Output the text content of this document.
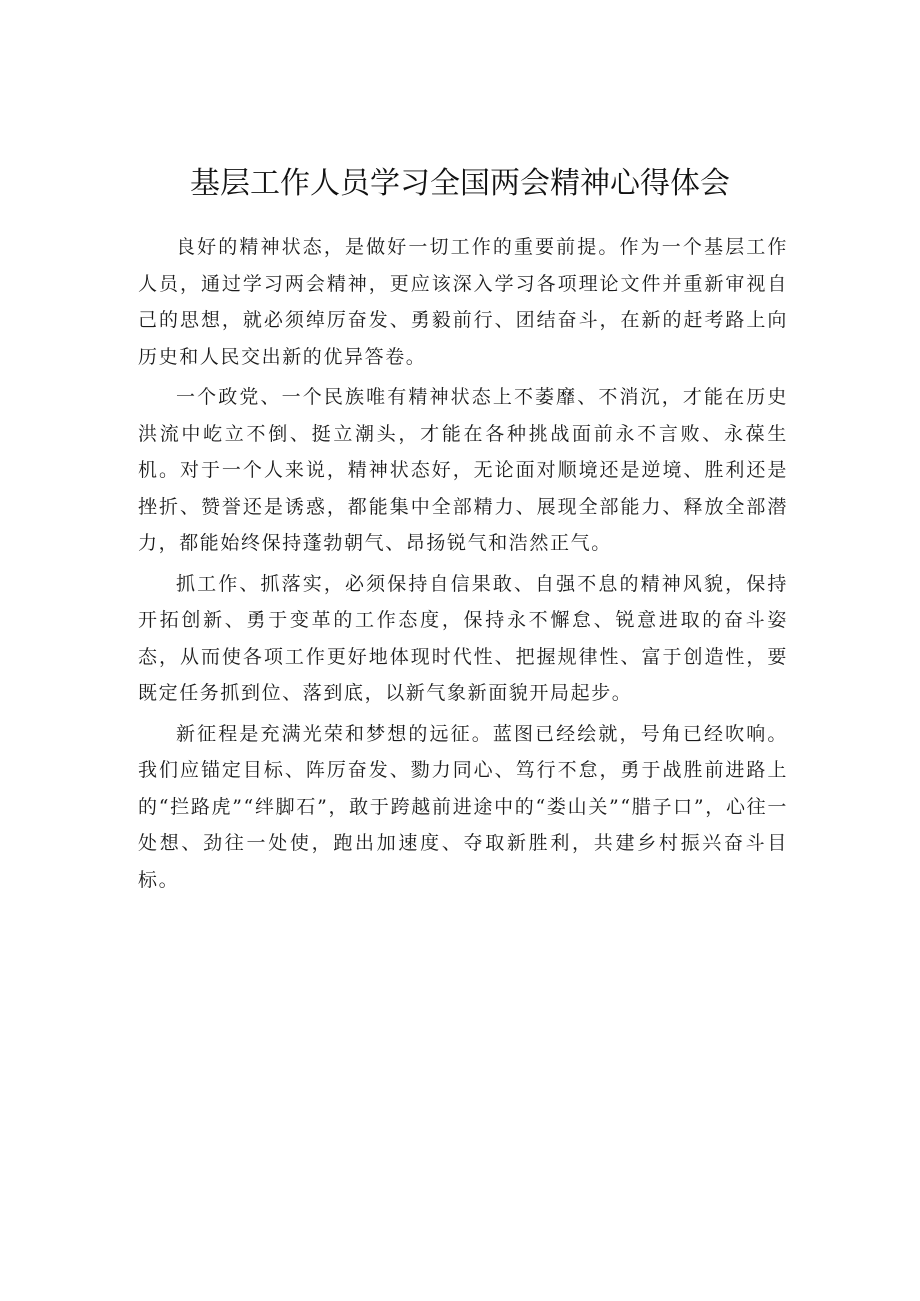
基层工作人员学习全国两会精神心得体会

良好的精神状态，是做好一切工作的重要前提。作为一个基层工作人员，通过学习两会精神，更应该深入学习各项理论文件并重新审视自己的思想，就必须绰厉奋发、勇毅前行、团结奋斗，在新的赶考路上向历史和人民交出新的优异答卷。

一个政党、一个民族唯有精神状态上不萎靡、不消沉，才能在历史洪流中屹立不倒、挺立潮头，才能在各种挑战面前永不言败、永葆生机。对于一个人来说，精神状态好，无论面对顺境还是逆境、胜利还是挫折、赞誉还是诱惑，都能集中全部精力、展现全部能力、释放全部潜力，都能始终保持蓬勃朝气、昂扬锐气和浩然正气。

抓工作、抓落实，必须保持自信果敢、自强不息的精神风貌，保持开拓创新、勇于变革的工作态度，保持永不懈怠、锐意进取的奋斗姿态，从而使各项工作更好地体现时代性、把握规律性、富于创造性，要既定任务抓到位、落到底，以新气象新面貌开局起步。

新征程是充满光荣和梦想的远征。蓝图已经绘就，号角已经吹响。我们应锚定目标、阵厉奋发、勠力同心、笃行不怠，勇于战胜前进路上的“拦路虎”“绊脚石”，敢于跨越前进途中的“娄山关”“腊子口”，心往一处想、劲往一处使，跑出加速度、夺取新胜利，共建乡村振兴奋斗目标。
